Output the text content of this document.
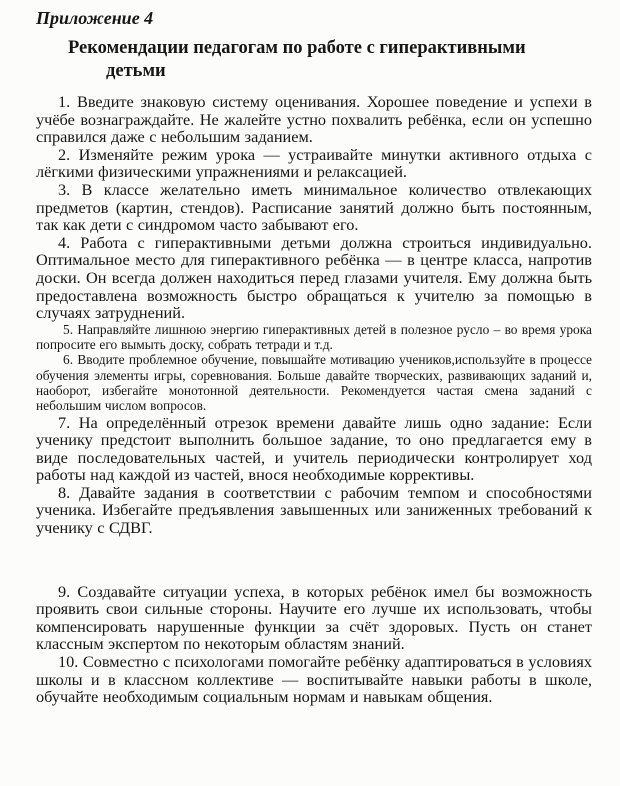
Приложение 4
Рекомендации педагогам по работе с гиперактивными
детьми

1. Введите знаковую систему оценивания. Хорошее поведение и успехи в учёбе вознаграждайте. Не жалейте устно похвалить ребёнка, если он успешно справился даже с небольшим заданием.

2. Изменяйте режим урока — устраивайте минутки активного отдыха с лёгкими физическими упражнениями и релаксацией.

3. В классе желательно иметь минимальное количество отвлекающих предметов (картин, стендов). Расписание занятий должно быть постоянным, так как дети с синдромом часто забывают его.

4. Работа с гиперактивными детьми должна строиться индивидуально. Оптимальное место для гиперактивного ребёнка — в центре класса, напротив доски. Он всегда должен находиться перед глазами учителя. Ему должна быть предоставлена возможность быстро обращаться к учителю за помощью в случаях затруднений.

5. Направляйте лишнюю энергию гиперактивных детей в полезное русло – во время урока попросите его вымыть доску, собрать тетради и т.д.

6. Вводите проблемное обучение, повышайте мотивацию учеников,используйте в процессе обучения элементы игры, соревнования. Больше давайте творческих, развивающих заданий и, наоборот, избегайте монотонной деятельности. Рекомендуется частая смена заданий с небольшим числом вопросов.

7. На определённый отрезок времени давайте лишь одно задание: Если ученику предстоит выполнить большое задание, то оно предлагается ему в виде последовательных частей, и учитель периодически контролирует ход работы над каждой из частей, внося необходимые коррективы.

8. Давайте задания в соответствии с рабочим темпом и способностями ученика. Избегайте предъявления завышенных или заниженных требований к ученику с СДВГ.

9. Создавайте ситуации успеха, в которых ребёнок имел бы возможность проявить свои сильные стороны. Научите его лучше их использовать, чтобы компенсировать нарушенные функции за счёт здоровых. Пусть он станет классным экспертом по некоторым областям знаний.

10. Совместно с психологами помогайте ребёнку адаптироваться в условиях школы и в классном коллективе — воспитывайте навыки работы в школе, обучайте необходимым социальным нормам и навыкам общения.
